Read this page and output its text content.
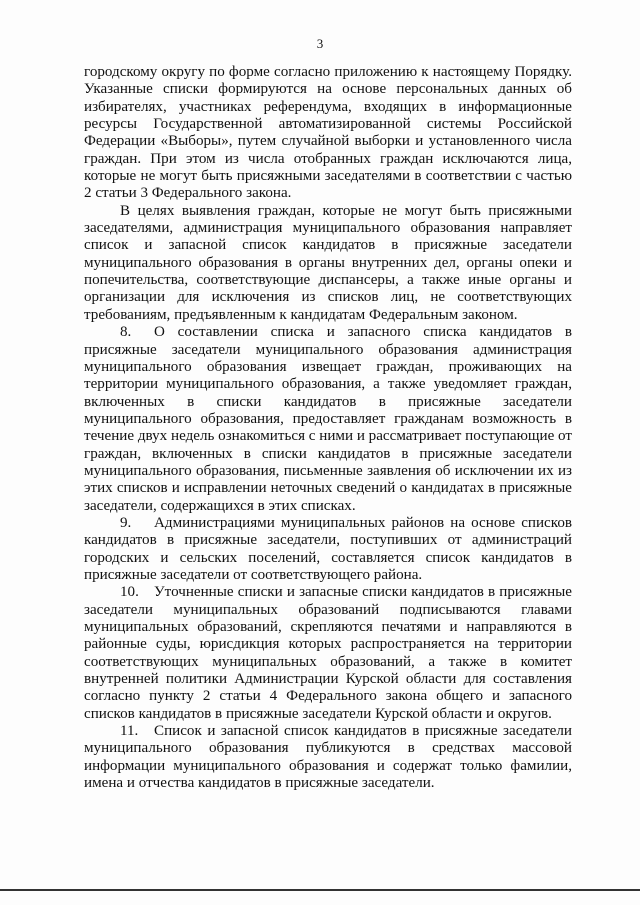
3

городскому округу по форме согласно приложению к настоящему Порядку. Указанные списки формируются на основе персональных данных об избирателях, участниках референдума, входящих в информационные ресурсы Государственной автоматизированной системы Российской Федерации «Выборы», путем случайной выборки и установленного числа граждан. При этом из числа отобранных граждан исключаются лица, которые не могут быть присяжными заседателями в соответствии с частью 2 статьи 3 Федерального закона.

В целях выявления граждан, которые не могут быть присяжными заседателями, администрация муниципального образования направляет список и запасной список кандидатов в присяжные заседатели муниципального образования в органы внутренних дел, органы опеки и попечительства, соответствующие диспансеры, а также иные органы и организации для исключения из списков лиц, не соответствующих требованиям, предъявленным к кандидатам Федеральным законом.

8. О составлении списка и запасного списка кандидатов в присяжные заседатели муниципального образования администрация муниципального образования извещает граждан, проживающих на территории муниципального образования, а также уведомляет граждан, включенных в списки кандидатов в присяжные заседатели муниципального образования, предоставляет гражданам возможность в течение двух недель ознакомиться с ними и рассматривает поступающие от граждан, включенных в списки кандидатов в присяжные заседатели муниципального образования, письменные заявления об исключении их из этих списков и исправлении неточных сведений о кандидатах в присяжные заседатели, содержащихся в этих списках.

9. Администрациями муниципальных районов на основе списков кандидатов в присяжные заседатели, поступивших от администраций городских и сельских поселений, составляется список кандидатов в присяжные заседатели от соответствующего района.

10. Уточненные списки и запасные списки кандидатов в присяжные заседатели муниципальных образований подписываются главами муниципальных образований, скрепляются печатями и направляются в районные суды, юрисдикция которых распространяется на территории соответствующих муниципальных образований, а также в комитет внутренней политики Администрации Курской области для составления согласно пункту 2 статьи 4 Федерального закона общего и запасного списков кандидатов в присяжные заседатели Курской области и округов.

11. Список и запасной список кандидатов в присяжные заседатели муниципального образования публикуются в средствах массовой информации муниципального образования и содержат только фамилии, имена и отчества кандидатов в присяжные заседатели.
